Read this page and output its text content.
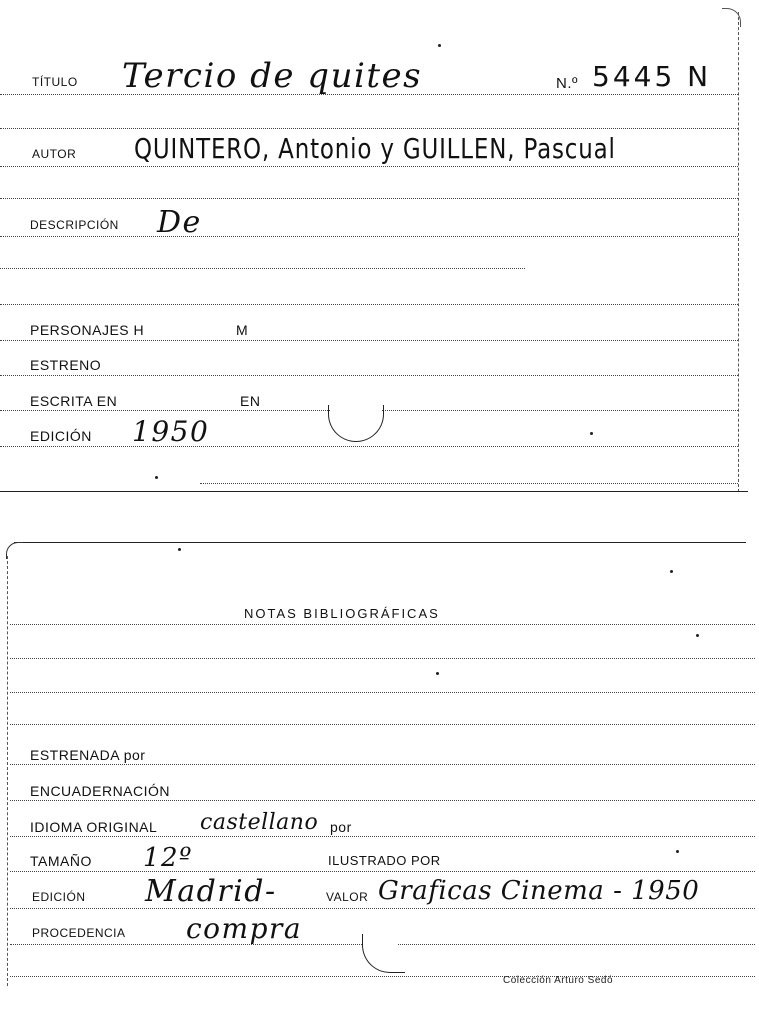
TÍTULO Tercio de quites	N.º 5445 N
AUTOR QUINTERO, Antonio y GUILLEN, Pascual
DESCRIPCIÓN De
PERSONAJES H	M
ESTRENO
ESCRITA EN	EN
EDICIÓN 1950
NOTAS BIBLIOGRÁFICAS
ESTRENADA por
ENCUADERNACIÓN
IDIOMA ORIGINAL castellano por
TAMAÑO 12º	ILUSTRADO POR
EDICIÓN Madrid-	VALOR Graficas Cinema - 1950
PROCEDENCIA compra
Colección Arturo Sedó
